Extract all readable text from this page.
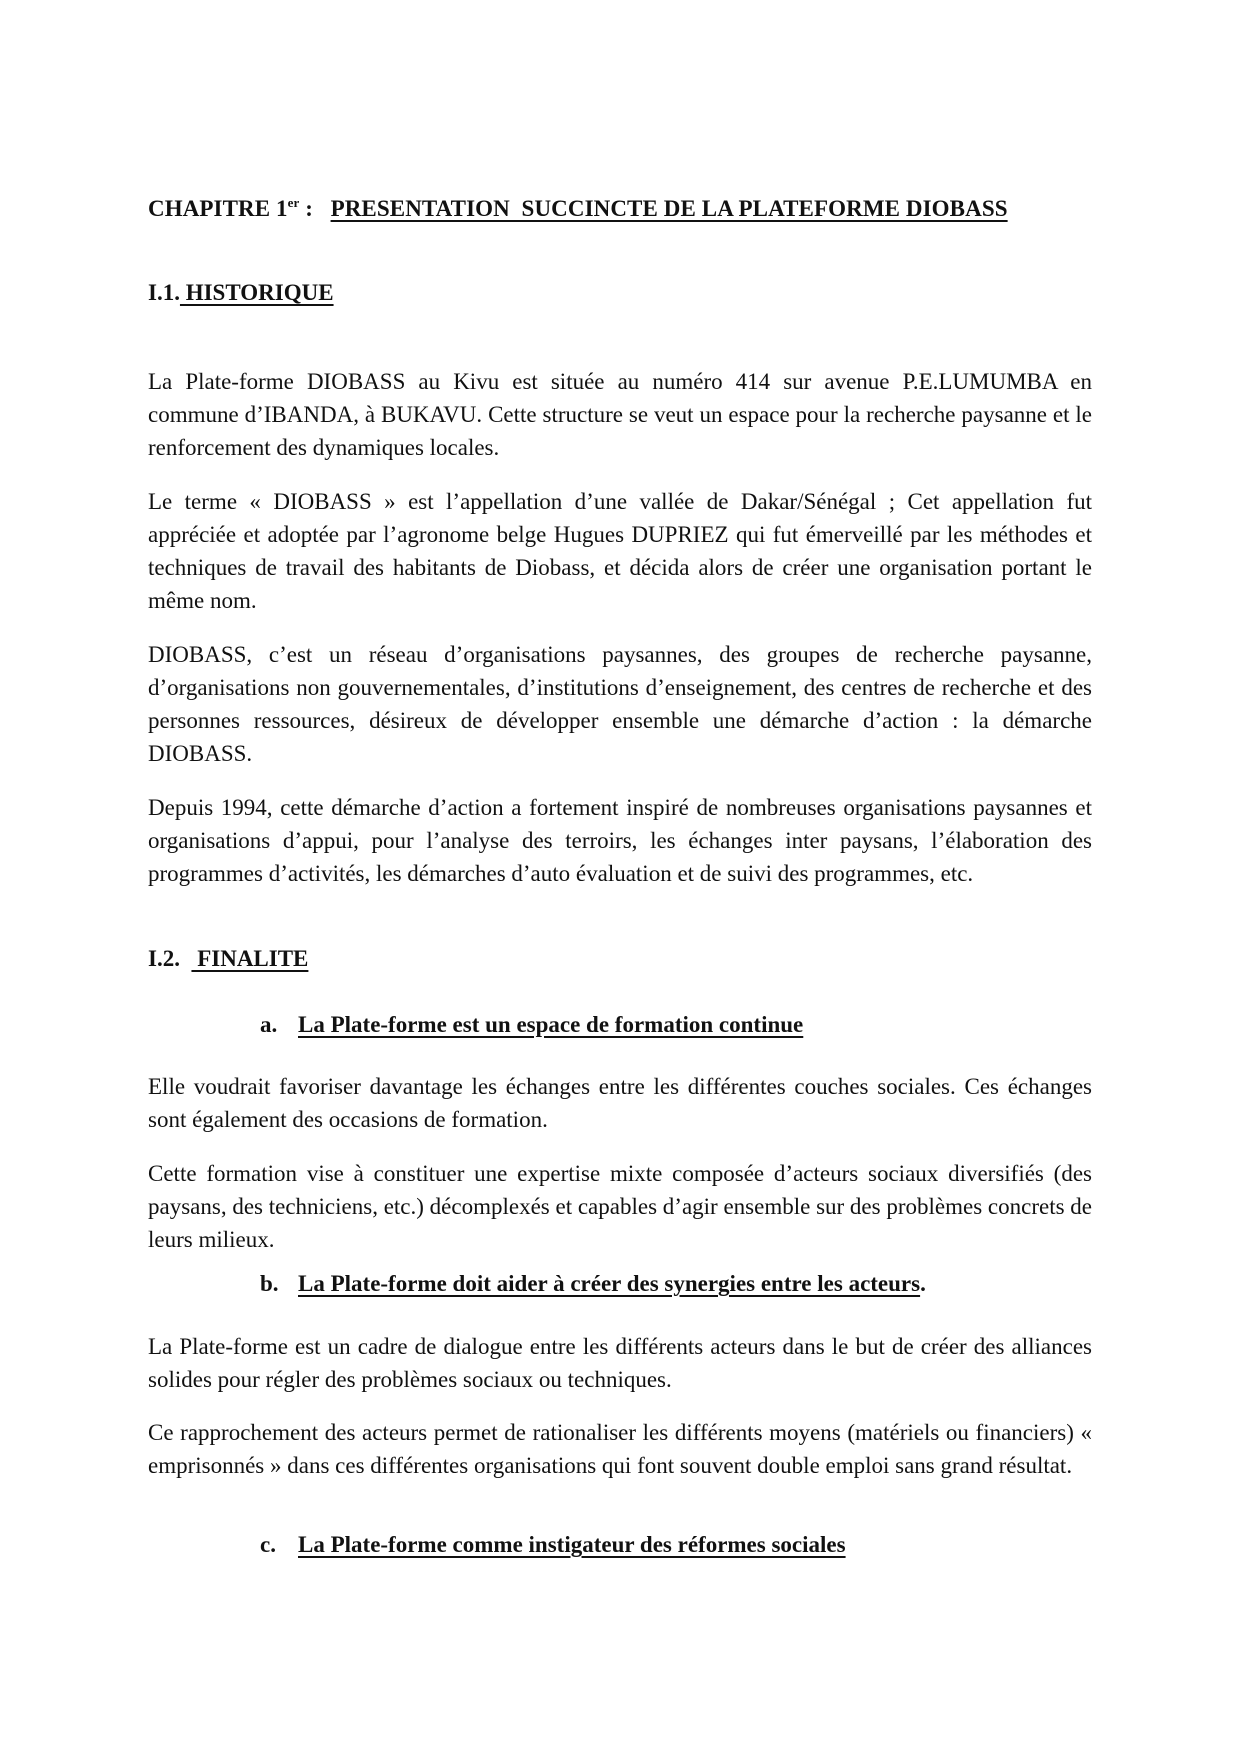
CHAPITRE 1er :   PRESENTATION  SUCCINCTE DE LA PLATEFORME DIOBASS
I.1. HISTORIQUE

La Plate-forme DIOBASS au Kivu est située au numéro 414 sur avenue P.E.LUMUMBA en commune d’IBANDA, à BUKAVU. Cette structure se veut un espace pour la recherche paysanne et le renforcement des dynamiques locales.

Le terme « DIOBASS » est l’appellation d’une vallée de Dakar/Sénégal ; Cet appellation fut appréciée et adoptée par l’agronome belge Hugues DUPRIEZ qui fut émerveillé par les méthodes et techniques de travail des habitants de Diobass, et décida alors de créer une organisation portant le même nom.

DIOBASS, c’est un réseau d’organisations paysannes, des groupes de recherche paysanne, d’organisations non gouvernementales, d’institutions d’enseignement, des centres de recherche et des personnes ressources, désireux de développer ensemble une démarche d’action : la démarche DIOBASS.

Depuis 1994, cette démarche d’action a fortement inspiré de nombreuses organisations paysannes et organisations d’appui, pour l’analyse des terroirs, les échanges inter paysans, l’élaboration des programmes d’activités, les démarches d’auto évaluation et de suivi des programmes, etc.

I.2.   FINALITE
a. La Plate-forme est un espace de formation continue

Elle voudrait favoriser davantage les échanges entre les différentes couches sociales. Ces échanges sont également des occasions de formation.

Cette formation vise à constituer une expertise mixte composée d’acteurs sociaux diversifiés (des paysans, des techniciens, etc.) décomplexés et capables d’agir ensemble sur des problèmes concrets de leurs milieux.

b. La Plate-forme doit aider à créer des synergies entre les acteurs.

La Plate-forme est un cadre de dialogue entre les différents acteurs dans le but de créer des alliances solides pour régler des problèmes sociaux ou techniques.

Ce rapprochement des acteurs permet de rationaliser les différents moyens (matériels ou financiers) « emprisonnés » dans ces différentes organisations qui font souvent double emploi sans grand résultat.

c. La Plate-forme comme instigateur des réformes sociales
